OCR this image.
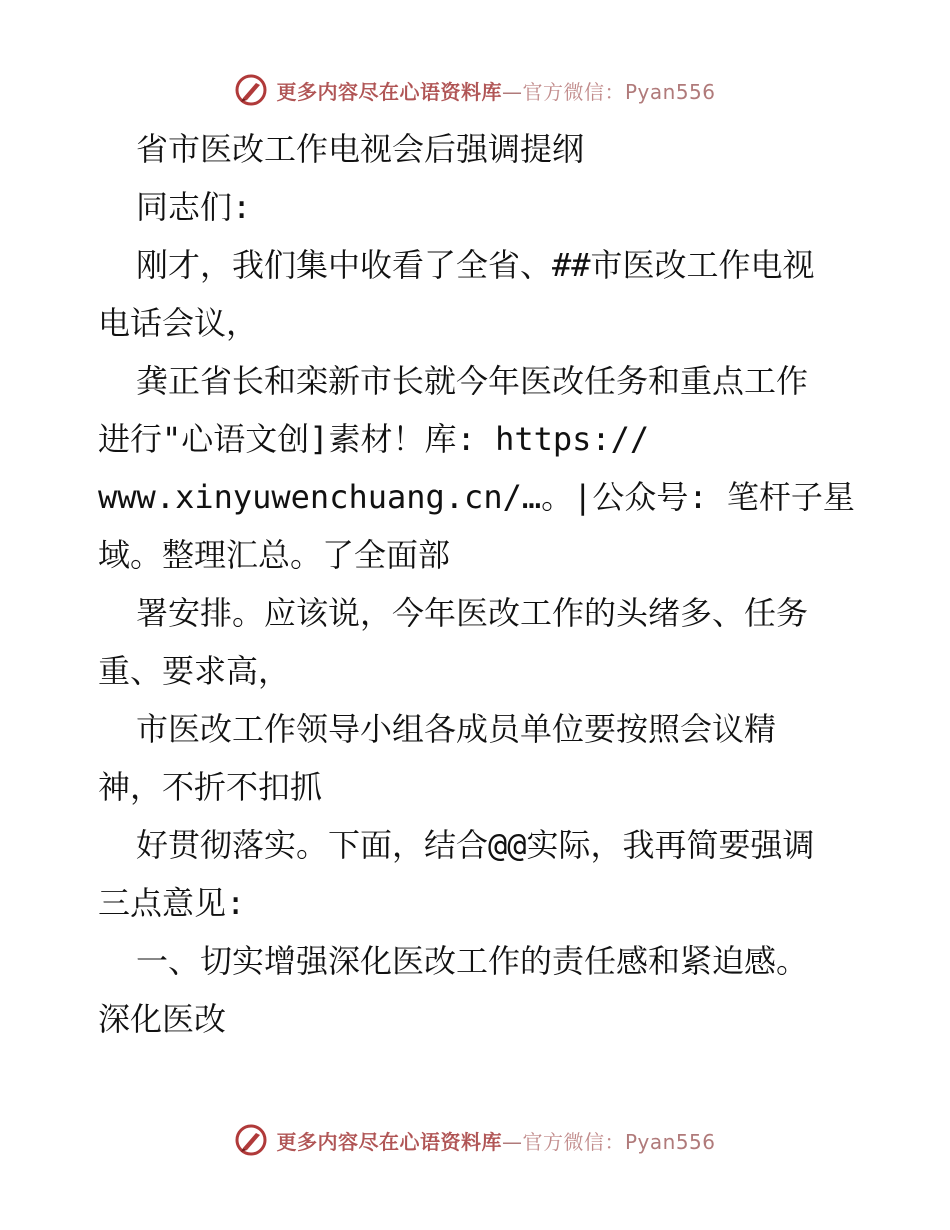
更多内容尽在心语资料库—官方微信：Pyan556
省市医改工作电视会后强调提纲
同志们:
刚才，我们集中收看了全省、##市医改工作电视
电话会议，
龚正省长和栾新市长就今年医改任务和重点工作
进行"心语文创]素材！库: https://
www.xinyuwenchuang.cn/…。|公众号: 笔杆子星
域。整理汇总。了全面部
署安排。应该说，今年医改工作的头绪多、任务
重、要求高，
市医改工作领导小组各成员单位要按照会议精
神，不折不扣抓
好贯彻落实。下面，结合@@实际，我再简要强调
三点意见:
一、切实增强深化医改工作的责任感和紧迫感。
深化医改
更多内容尽在心语资料库—官方微信：Pyan556
